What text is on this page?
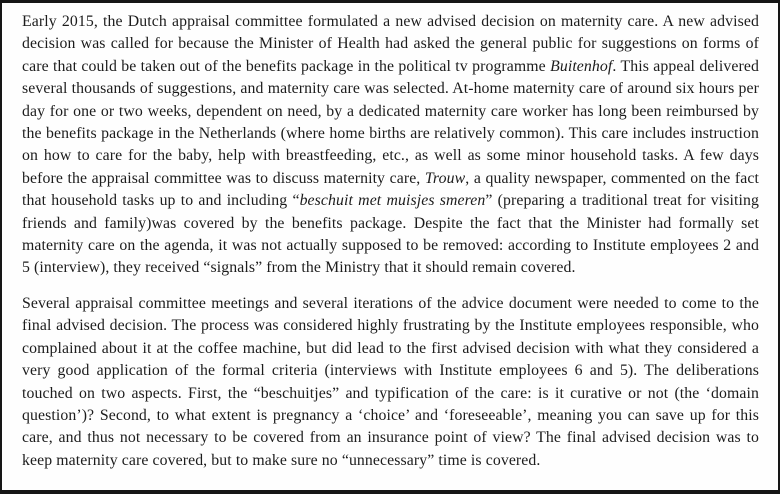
Early 2015, the Dutch appraisal committee formulated a new advised decision on maternity care. A new advised decision was called for because the Minister of Health had asked the general public for suggestions on forms of care that could be taken out of the benefits package in the political tv programme Buitenhof. This appeal delivered several thousands of suggestions, and maternity care was selected. At-home maternity care of around six hours per day for one or two weeks, dependent on need, by a dedicated maternity care worker has long been reimbursed by the benefits package in the Netherlands (where home births are relatively common). This care includes instruction on how to care for the baby, help with breastfeeding, etc., as well as some minor household tasks. A few days before the appraisal committee was to discuss maternity care, Trouw, a quality newspaper, commented on the fact that household tasks up to and including “beschuit met muisjes smeren” (preparing a traditional treat for visiting friends and family)was covered by the benefits package. Despite the fact that the Minister had formally set maternity care on the agenda, it was not actually supposed to be removed: according to Institute employees 2 and 5 (interview), they received “signals” from the Ministry that it should remain covered.

Several appraisal committee meetings and several iterations of the advice document were needed to come to the final advised decision. The process was considered highly frustrating by the Institute employees responsible, who complained about it at the coffee machine, but did lead to the first advised decision with what they considered a very good application of the formal criteria (interviews with Institute employees 6 and 5). The deliberations touched on two aspects. First, the “beschuitjes” and typification of the care: is it curative or not (the ‘domain question’)? Second, to what extent is pregnancy a ‘choice’ and ‘foreseeable’, meaning you can save up for this care, and thus not necessary to be covered from an insurance point of view? The final advised decision was to keep maternity care covered, but to make sure no “unnecessary” time is covered.
